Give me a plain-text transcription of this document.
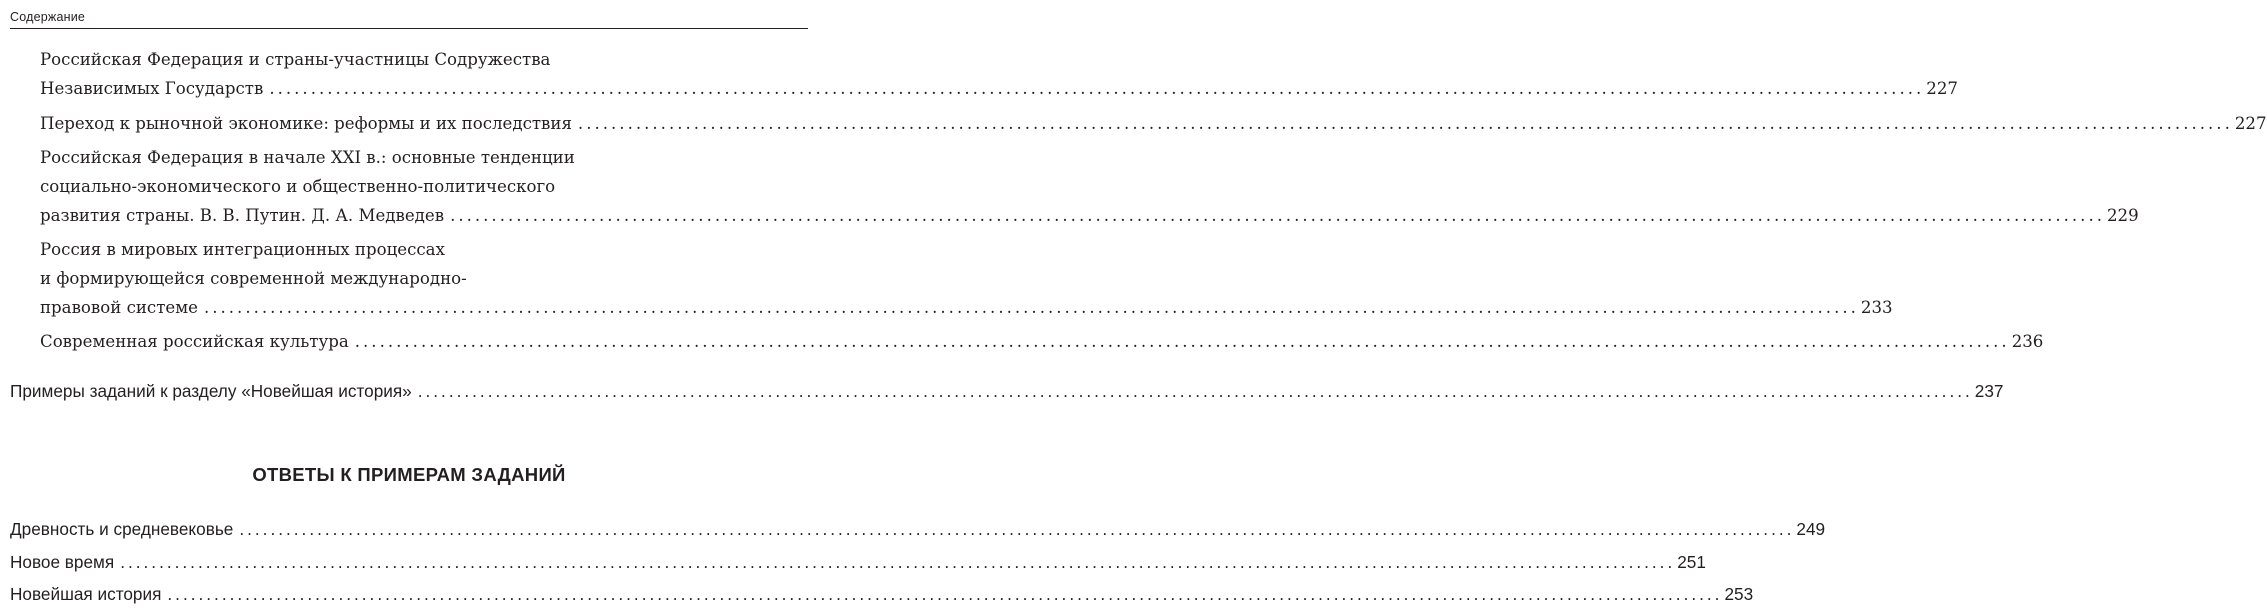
Содержание
Российская Федерация и страны-участницы Содружества
Независимых Государств ........................................................................................................................................................................................................ 227
Переход к рыночной экономике: реформы и их последствия ........................................................................................................................................................................................................ 227
Российская Федерация в начале XXI в.: основные тенденции
социально-экономического и общественно-политического
развития страны. В. В. Путин. Д. А. Медведев ........................................................................................................................................................................................................ 229
Россия в мировых интеграционных процессах
и формирующейся современной международно-
правовой системе ........................................................................................................................................................................................................ 233
Современная российская культура ........................................................................................................................................................................................................ 236
Примеры заданий к разделу «Новейшая история» ........................................................................................................................................................................................................ 237
ОТВЕТЫ К ПРИМЕРАМ ЗАДАНИЙ
Древность и средневековье ........................................................................................................................................................................................................ 249
Новое время ........................................................................................................................................................................................................ 251
Новейшая история ........................................................................................................................................................................................................ 253
